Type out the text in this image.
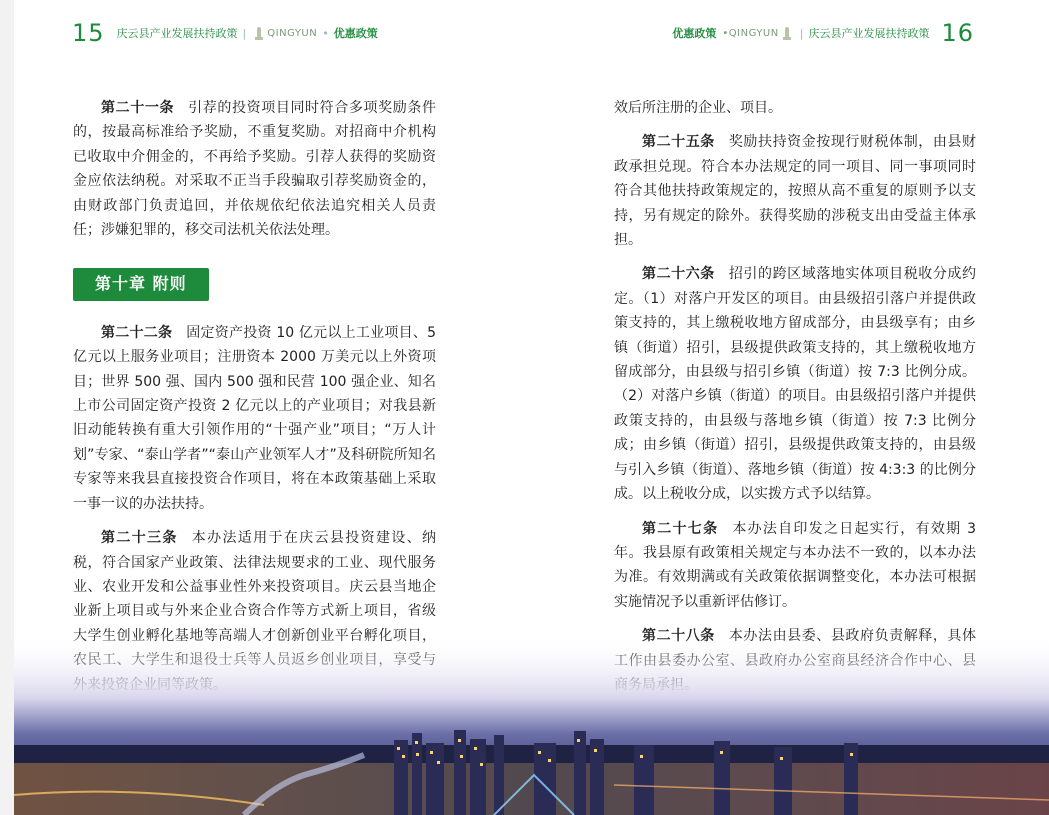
15 庆云县产业发展扶持政策 | QINGYUN • 优惠政策	优惠政策 •QINGYUN | 庆云县产业发展扶持政策 16

第二十一条 引荐的投资项目同时符合多项奖励条件的，按最高标准给予奖励，不重复奖励。对招商中介机构已收取中介佣金的，不再给予奖励。引荐人获得的奖励资金应依法纳税。对采取不正当手段骗取引荐奖励资金的，由财政部门负责追回，并依规依纪依法追究相关人员责任；涉嫌犯罪的，移交司法机关依法处理。

第十章 附则

第二十二条 固定资产投资 10 亿元以上工业项目、5 亿元以上服务业项目；注册资本 2000 万美元以上外资项目；世界 500 强、国内 500 强和民营 100 强企业、知名上市公司固定资产投资 2 亿元以上的产业项目；对我县新旧动能转换有重大引领作用的“十强产业”项目；“万人计划”专家、“泰山学者”“泰山产业领军人才”及科研院所知名专家等来我县直接投资合作项目，将在本政策基础上采取一事一议的办法扶持。

第二十三条 本办法适用于在庆云县投资建设、纳税，符合国家产业政策、法律法规要求的工业、现代服务业、农业开发和公益事业性外来投资项目。庆云县当地企业新上项目或与外来企业合资合作等方式新上项目，省级

效后所注册的企业、项目。

第二十五条 奖励扶持资金按现行财税体制，由县财政承担兑现。符合本办法规定的同一项目、同一事项同时符合其他扶持政策规定的，按照从高不重复的原则予以支持，另有规定的除外。获得奖励的涉税支出由受益主体承担。

第二十六条 招引的跨区域落地实体项目税收分成约定。（1）对落户开发区的项目。由县级招引落户并提供政策支持的，其上缴税收地方留成部分，由县级享有；由乡镇（街道）招引，县级提供政策支持的，其上缴税收地方留成部分，由县级与招引乡镇（街道）按 7:3 比例分成。（2）对落户乡镇（街道）的项目。由县级招引落户并提供政策支持的，由县级与落地乡镇（街道）按 7:3 比例分成；由乡镇（街道）招引，县级提供政策支持的，由县级与引入乡镇（街道）、落地乡镇（街道）按 4:3:3 的比例分成。以上税收分成，以实拨方式予以结算。

第二十七条 本办法自印发之日起实行，有效期 3 年。我县原有政策相关规定与本办法不一致的，以本办法为准。有效期满或有关政策依据调整变化，本办法可根据实施情况予以重新评估修订。
